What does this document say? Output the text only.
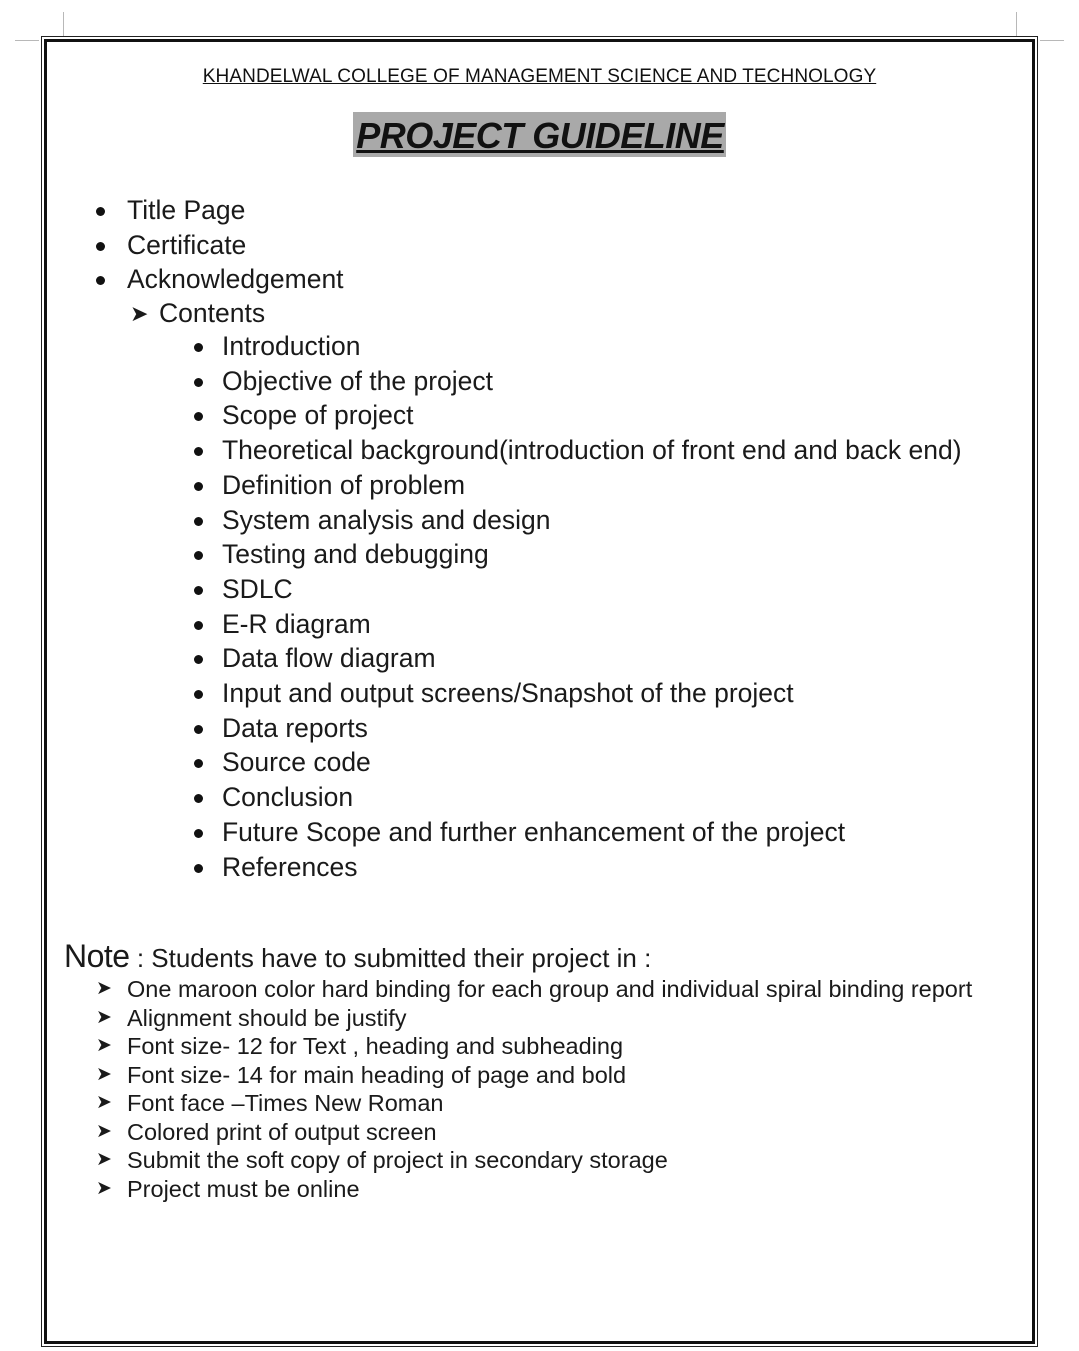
KHANDELWAL COLLEGE OF MANAGEMENT SCIENCE AND TECHNOLOGY
PROJECT GUIDELINE
Title Page
Certificate
Acknowledgement
➤ Contents
Introduction
Objective of the project
Scope of project
Theoretical background(introduction of front end and back end)
Definition of problem
System analysis and design
Testing and debugging
SDLC
E-R diagram
Data flow diagram
Input and output screens/Snapshot of the project
Data reports
Source code
Conclusion
Future Scope and further enhancement of the project
References
Note : Students have to submitted their project in :
➤ One maroon color hard binding for each group and individual spiral binding report
➤ Alignment should be justify
➤ Font size- 12 for Text , heading and subheading
➤ Font size- 14 for main heading of page and bold
➤ Font face –Times New Roman
➤ Colored print of output screen
➤ Submit the soft copy of project in secondary storage
➤ Project must be online
